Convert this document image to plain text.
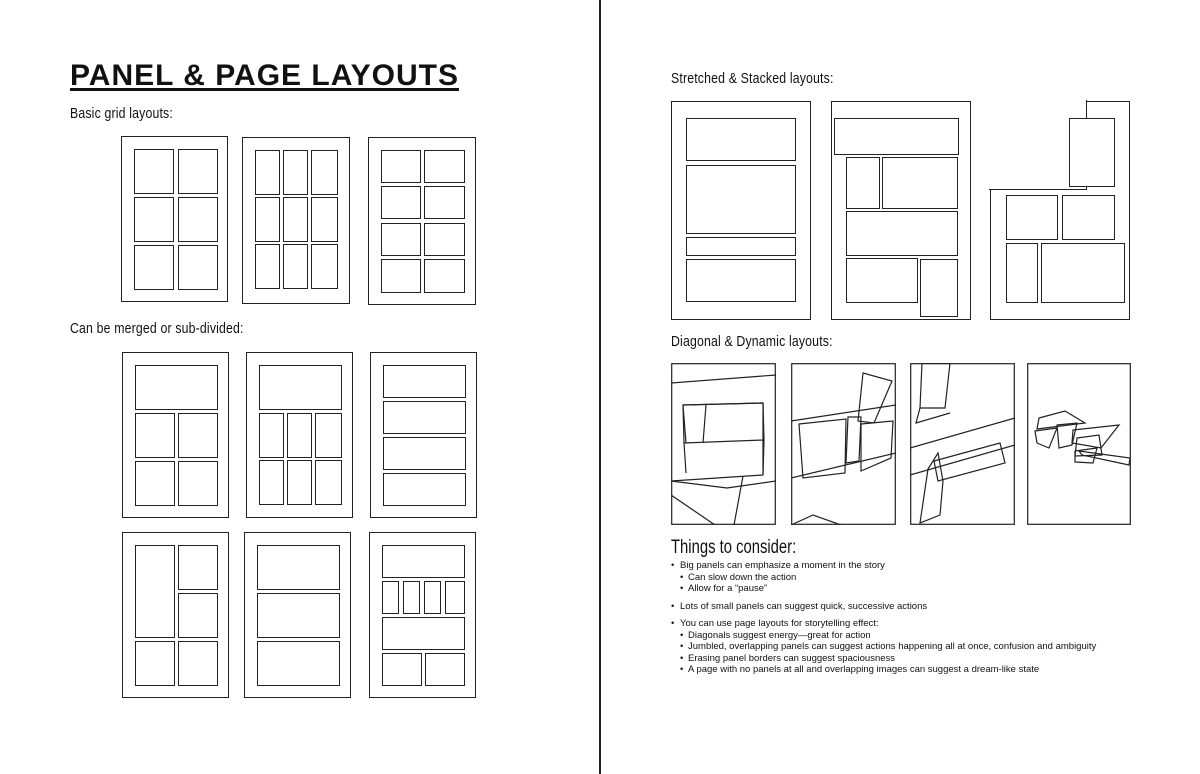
PANEL & PAGE LAYOUTS
Basic grid layouts:
Can be merged or sub-divided:
Stretched & Stacked layouts:
Diagonal & Dynamic layouts:
Things to consider:
• Big panels can emphasize a moment in the story
• Can slow down the action
• Allow for a “pause”
• Lots of small panels can suggest quick, successive actions
• You can use page layouts for storytelling effect:
• Diagonals suggest energy—great for action
• Jumbled, overlapping panels can suggest actions happening all at once, confusion and ambiguity
• Erasing panel borders can suggest spaciousness
• A page with no panels at all and overlapping images can suggest a dream-like state
